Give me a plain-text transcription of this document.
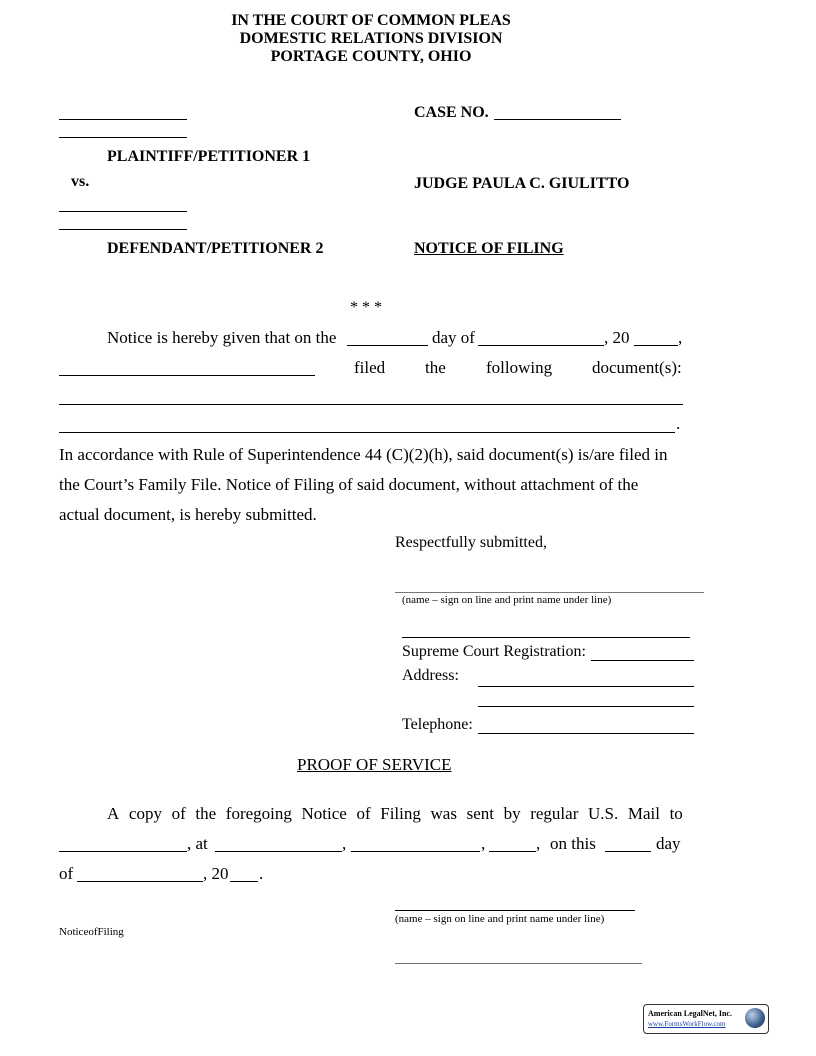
IN THE COURT OF COMMON PLEAS
DOMESTIC RELATIONS DIVISION
PORTAGE COUNTY, OHIO
PLAINTIFF/PETITIONER 1
vs.
DEFENDANT/PETITIONER 2
CASE NO.
JUDGE PAULA C. GIULITTO
NOTICE OF FILING
* * *
Notice is hereby given that on the	day of	, 20	,
filed the following document(s):
.
In accordance with Rule of Superintendence 44 (C)(2)(h), said document(s) is/are filed in
the Court’s Family File. Notice of Filing of said document, without attachment of the
actual document, is hereby submitted.
Respectfully submitted,
(name – sign on line and print name under line)
Supreme Court Registration:
Address:
Telephone:
PROOF OF SERVICE
A copy of the foregoing Notice of Filing was sent by regular U.S. Mail to
, at	,	,	, on this	day
of	, 20 .
(name – sign on line and print name under line)
NoticeofFiling
American LegalNet, Inc.
www.FormsWorkFlow.com
